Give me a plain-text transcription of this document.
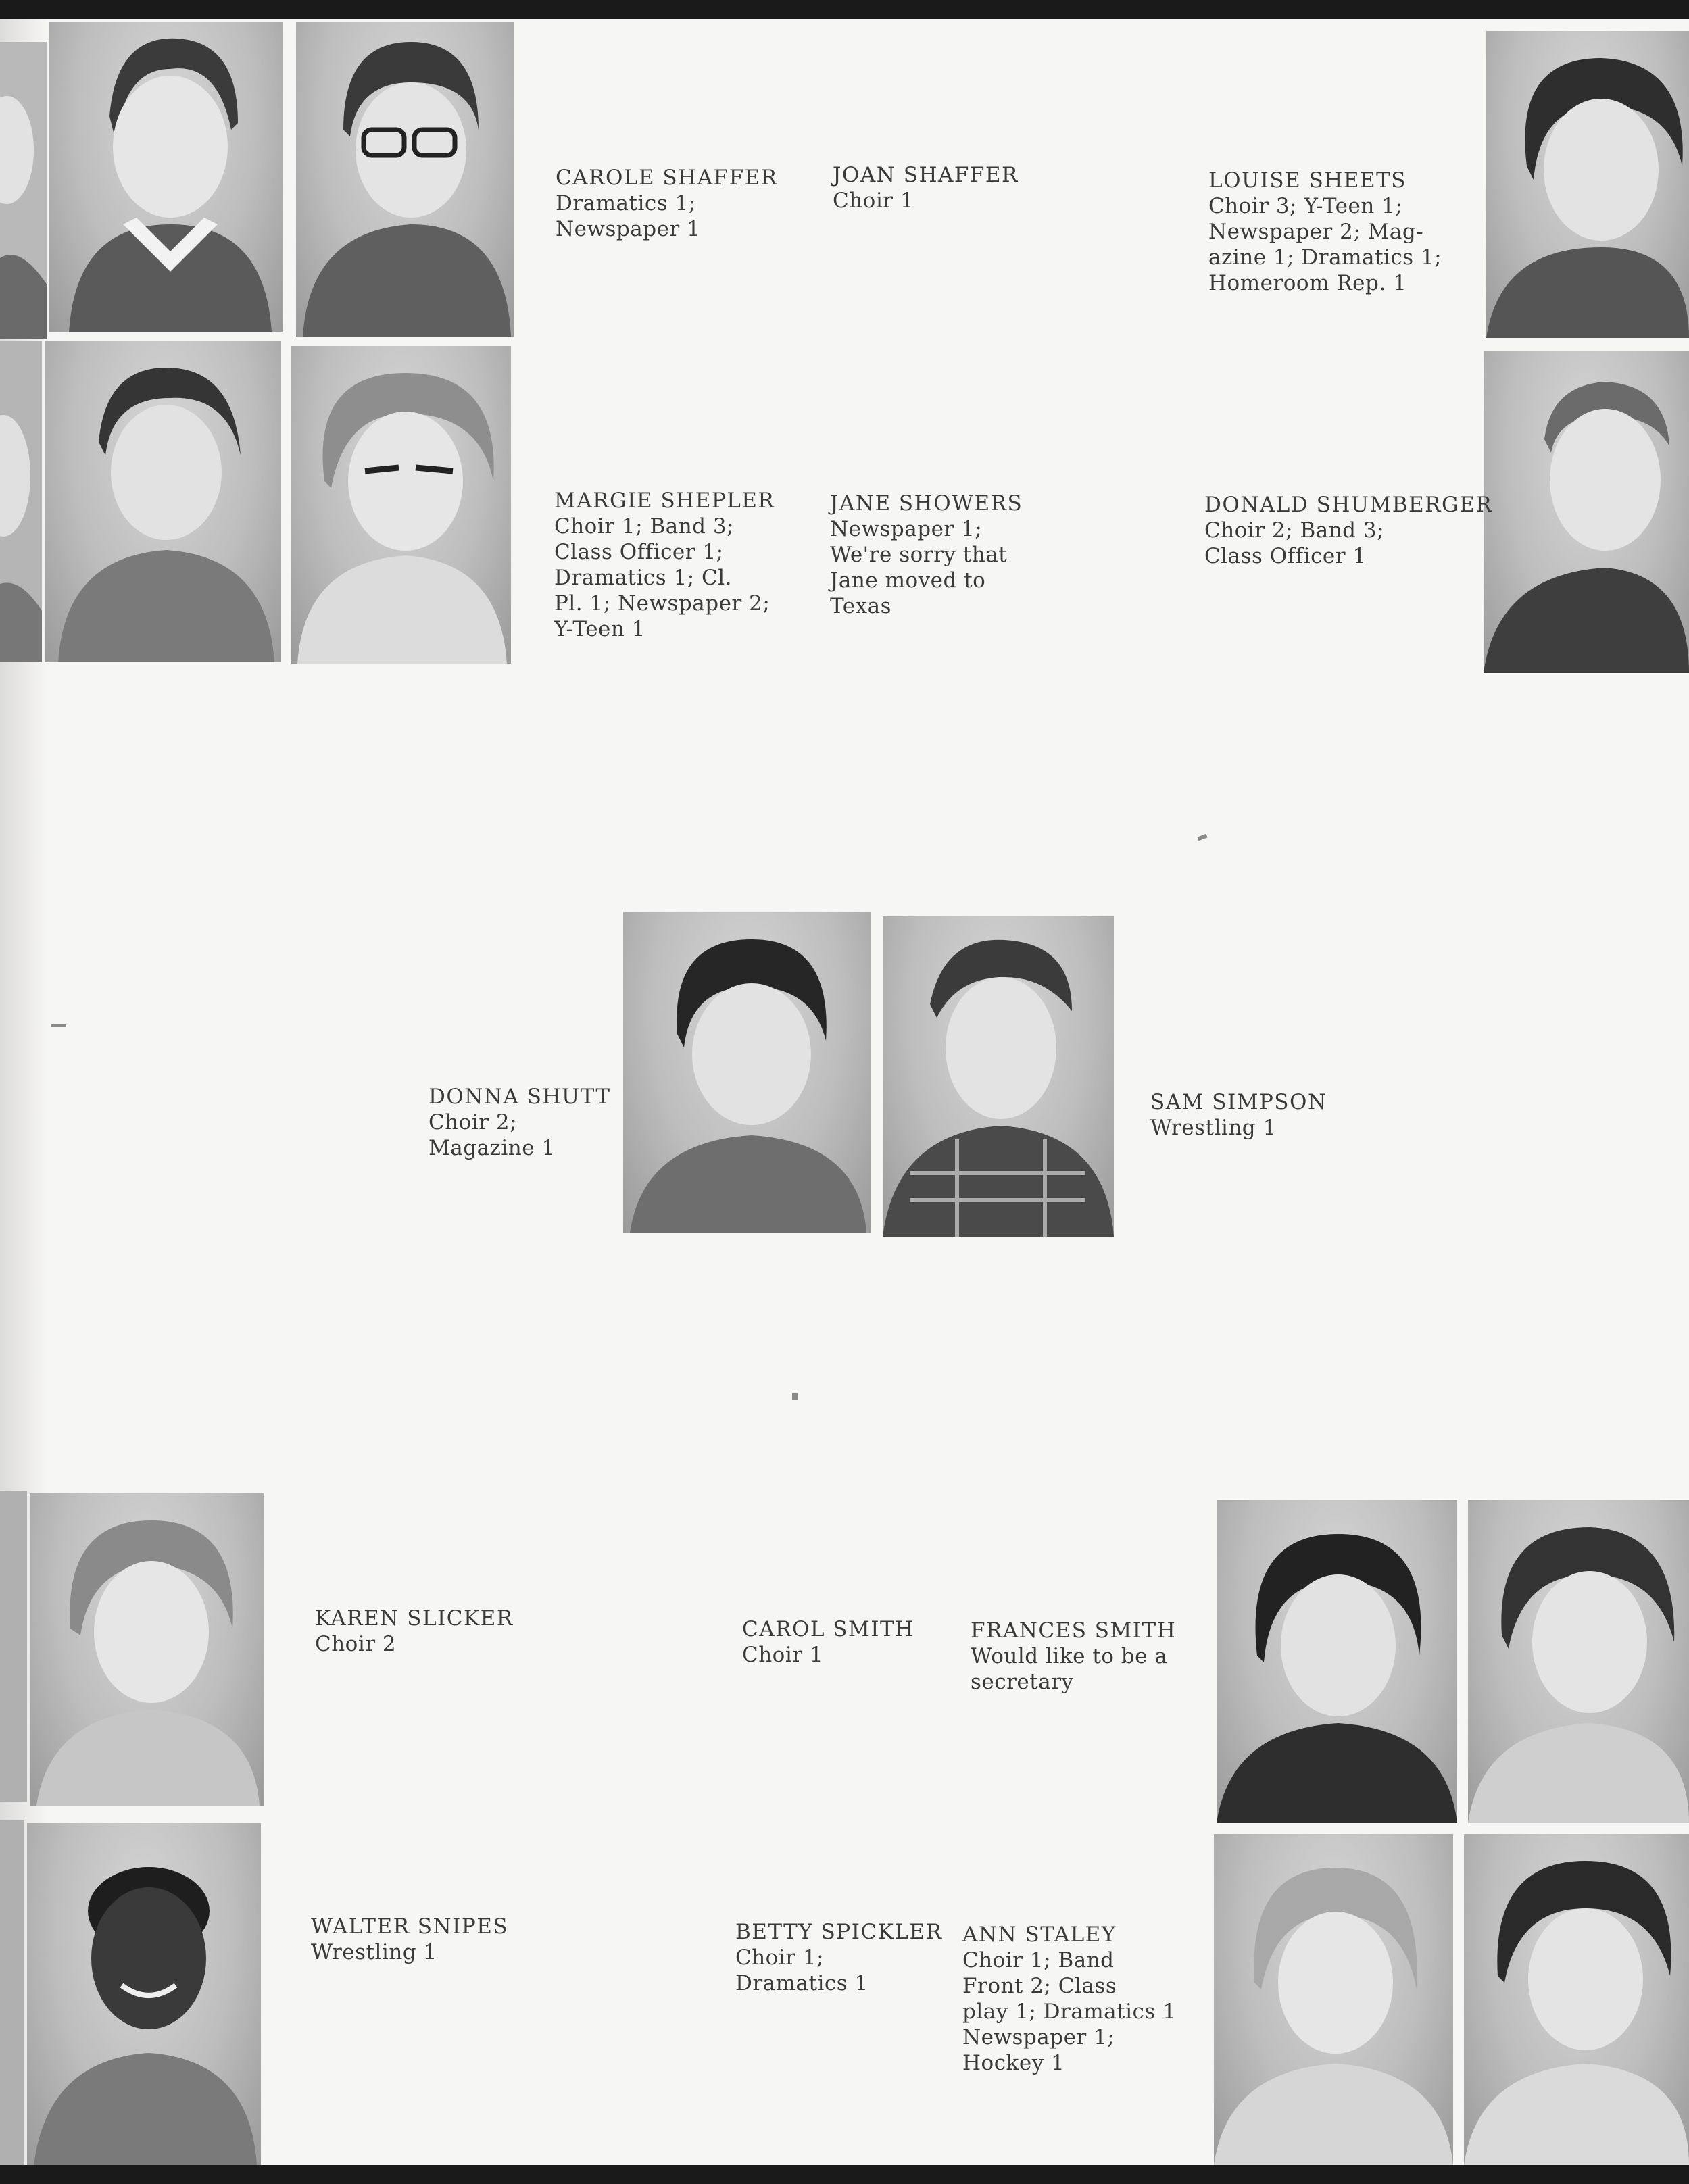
CAROLE SHAFFER
Dramatics 1;
Newspaper 1

JOAN SHAFFER
Choir 1

LOUISE SHEETS
Choir 3; Y-Teen 1;
Newspaper 2; Mag-
azine 1; Dramatics 1;
Homeroom Rep. 1

MARGIE SHEPLER
Choir 1; Band 3;
Class Officer 1;
Dramatics 1; Cl.
Pl. 1; Newspaper 2;
Y-Teen 1

JANE SHOWERS
Newspaper 1;
We're sorry that
Jane moved to
Texas

DONALD SHUMBERGER
Choir 2; Band 3;
Class Officer 1

DONNA SHUTT
Choir 2;
Magazine 1

SAM SIMPSON
Wrestling 1

KAREN SLICKER
Choir 2

CAROL SMITH
Choir 1

FRANCES SMITH
Would like to be a
secretary

WALTER SNIPES
Wrestling 1

BETTY SPICKLER
Choir 1;
Dramatics 1

ANN STALEY
Choir 1; Band
Front 2; Class
play 1; Dramatics 1
Newspaper 1;
Hockey 1
